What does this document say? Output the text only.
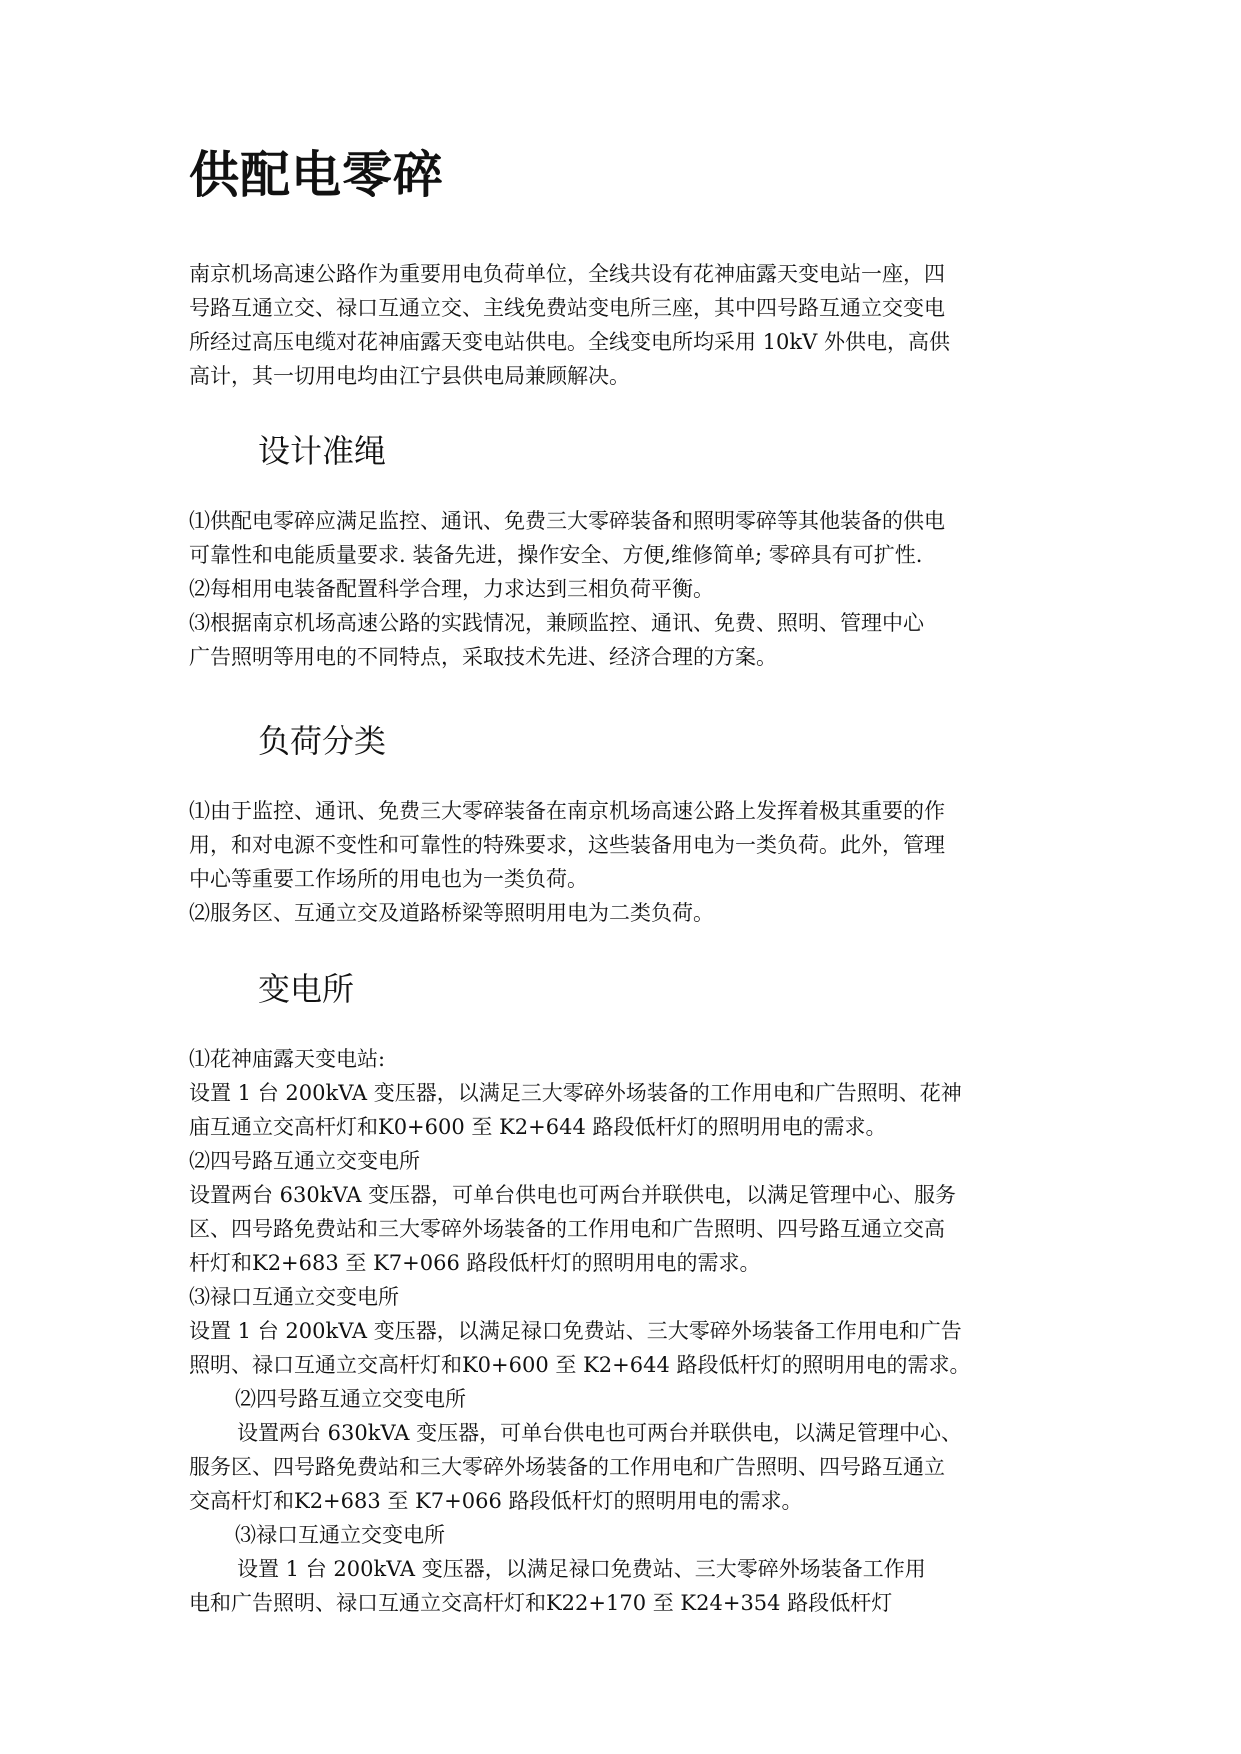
供配电零碎
南京机场高速公路作为重要用电负荷单位，全线共设有花神庙露天变电站一座，四
号路互通立交、禄口互通立交、主线免费站变电所三座，其中四号路互通立交变电
所经过高压电缆对花神庙露天变电站供电。全线变电所均采用 10kV 外供电，高供
高计，其一切用电均由江宁县供电局兼顾解决。
设计准绳
⑴供配电零碎应满足监控、通讯、免费三大零碎装备和照明零碎等其他装备的供电
可靠性和电能质量要求. 装备先进，操作安全、方便,维修简单; 零碎具有可扩性.
⑵每相用电装备配置科学合理，力求达到三相负荷平衡。
⑶根据南京机场高速公路的实践情况，兼顾监控、通讯、免费、照明、管理中心
广告照明等用电的不同特点，采取技术先进、经济合理的方案。
负荷分类
⑴由于监控、通讯、免费三大零碎装备在南京机场高速公路上发挥着极其重要的作
用，和对电源不变性和可靠性的特殊要求，这些装备用电为一类负荷。此外，管理
中心等重要工作场所的用电也为一类负荷。
⑵服务区、互通立交及道路桥梁等照明用电为二类负荷。
变电所
⑴花神庙露天变电站:
设置 1 台 200kVA 变压器，以满足三大零碎外场装备的工作用电和广告照明、花神
庙互通立交高杆灯和K0+600 至 K2+644 路段低杆灯的照明用电的需求。
⑵四号路互通立交变电所
设置两台 630kVA 变压器，可单台供电也可两台并联供电，以满足管理中心、服务
区、四号路免费站和三大零碎外场装备的工作用电和广告照明、四号路互通立交高
杆灯和K2+683 至 K7+066 路段低杆灯的照明用电的需求。
⑶禄口互通立交变电所
设置 1 台 200kVA 变压器，以满足禄口免费站、三大零碎外场装备工作用电和广告
照明、禄口互通立交高杆灯和K0+600 至 K2+644 路段低杆灯的照明用电的需求。
⑵四号路互通立交变电所
设置两台 630kVA 变压器，可单台供电也可两台并联供电，以满足管理中心、
服务区、四号路免费站和三大零碎外场装备的工作用电和广告照明、四号路互通立
交高杆灯和K2+683 至 K7+066 路段低杆灯的照明用电的需求。
⑶禄口互通立交变电所
设置 1 台 200kVA 变压器，以满足禄口免费站、三大零碎外场装备工作用
电和广告照明、禄口互通立交高杆灯和K22+170 至 K24+354 路段低杆灯
